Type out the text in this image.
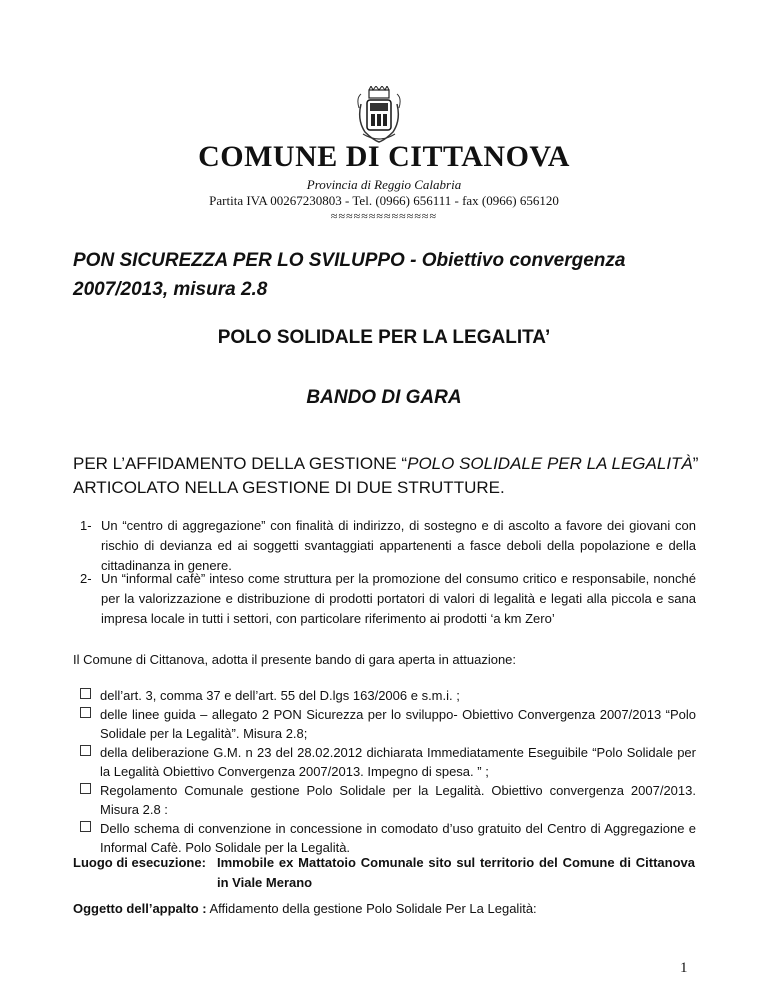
COMUNE DI CITTANOVA
Provincia di Reggio Calabria
Partita IVA 00267230803 - Tel. (0966) 656111 - fax (0966) 656120
≈≈≈≈≈≈≈≈≈≈≈≈≈≈
PON SICUREZZA PER LO SVILUPPO - Obiettivo convergenza 2007/2013, misura 2.8
POLO SOLIDALE PER LA LEGALITA’
BANDO DI GARA
PER L’AFFIDAMENTO DELLA GESTIONE “POLO SOLIDALE PER LA LEGALITÀ” ARTICOLATO NELLA GESTIONE DI DUE STRUTTURE.
1- Un “centro di aggregazione” con finalità di indirizzo, di sostegno e di ascolto a favore dei giovani con rischio di devianza ed ai soggetti svantaggiati appartenenti a fasce deboli della popolazione e della cittadinanza in genere.
2- Un “informal cafè” inteso come struttura per la promozione del consumo critico e responsabile, nonché per la valorizzazione e distribuzione di prodotti portatori di valori di legalità e legati alla piccola e sana impresa locale in tutti i settori, con particolare riferimento ai prodotti ‘a km Zero’
Il Comune di Cittanova, adotta il presente bando di gara aperta in attuazione:
dell’art. 3, comma 37 e dell’art. 55 del D.lgs 163/2006 e s.m.i. ;
delle linee guida – allegato 2 PON Sicurezza per lo sviluppo- Obiettivo Convergenza 2007/2013 “Polo Solidale per la Legalità”. Misura 2.8;
della deliberazione G.M. n 23 del 28.02.2012 dichiarata Immediatamente Eseguibile “Polo Solidale per la Legalità Obiettivo Convergenza 2007/2013. Impegno di spesa. ” ;
Regolamento Comunale gestione Polo Solidale per la Legalità. Obiettivo convergenza 2007/2013. Misura 2.8 :
Dello schema di convenzione in concessione in comodato d’uso gratuito del Centro di Aggregazione e Informal Cafè. Polo Solidale per la Legalità.
Luogo di esecuzione: Immobile ex Mattatoio Comunale sito sul territorio del Comune di Cittanova in Viale Merano
Oggetto dell’appalto : Affidamento della gestione Polo Solidale Per La Legalità:
1
